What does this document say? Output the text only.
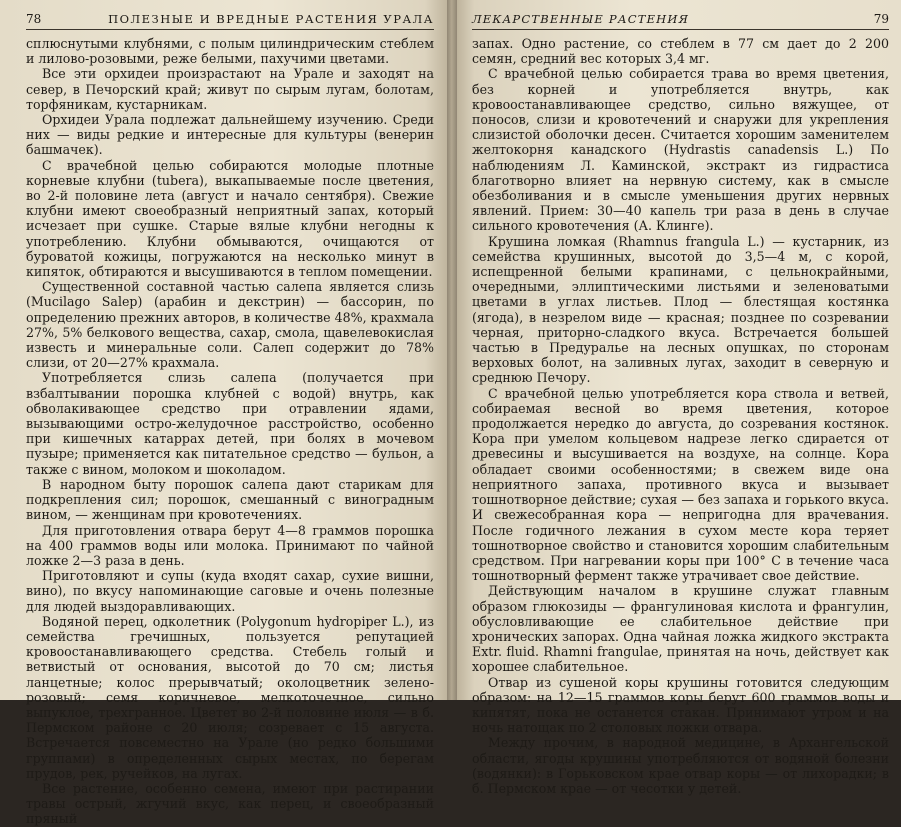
78	ПОЛЕЗНЫЕ И ВРЕДНЫЕ РАСТЕНИЯ УРАЛА

сплюснутыми клубнями, с полым цилиндрическим стеблем и лилово-розовыми, реже белыми, пахучими цветами.

Все эти орхидеи произрастают на Урале и заходят на север, в Печорский край; живут по сырым лугам, болотам, торфяникам, кустарникам.

Орхидеи Урала подлежат дальнейшему изучению. Среди них — виды редкие и интересные для культуры (венерин башмачек).

С врачебной целью собираются молодые плотные корневые клубни (tubera), выкапываемые после цветения, во 2-й половине лета (август и начало сентября). Свежие клубни имеют своеобразный неприятный запах, который исчезает при сушке. Старые вялые клубни негодны к употреблению. Клубни обмываются, очищаются от буроватой кожицы, погружаются на несколько минут в кипяток, обтираются и высушиваются в теплом помещении.

Существенной составной частью салепа является слизь (Mucilago Salep) (арабин и декстрин) — бассорин, по определению прежних авторов, в количестве 48%, крахмала 27%, 5% белкового вещества, сахар, смола, щавелевокислая известь и минеральные соли. Салеп содержит до 78% слизи, от 20—27% крахмала.

Употребляется слизь салепа (получается при взбалтывании порошка клубней с водой) внутрь, как обволакивающее средство при отравлении ядами, вызывающими остро-желудочное расстройство, особенно при кишечных катаррах детей, при болях в мочевом пузыре; применяется как питательное средство — бульон, а также с вином, молоком и шоколадом.

В народном быту порошок салепа дают старикам для подкрепления сил; порошок, смешанный с виноградным вином, — женщинам при кровотечениях.

Для приготовления отвара берут 4—8 граммов порошка на 400 граммов воды или молока. Принимают по чайной ложке 2—3 раза в день.

Приготовляют и супы (куда входят сахар, сухие вишни, вино), по вкусу напоминающие саговые и очень полезные для людей выздоравливающих.

Водяной перец, одколетник (Polygonum hydropiper L.), из семейства гречишных, пользуется репутацией кровоостанавливающего средства. Стебель голый и ветвистый от основания, высотой до 70 см; листья ланцетные; колос прерывчатый; околоцветник зелено-розовый; семя коричневое, мелкоточечное, сильно выпуклое, трехгранное. Цветет во 2-й половине июля — в б. Пермском районе с 20 июля; созревает с 15 августа. Встречается повсеместно на Урале (но редко большими группами) в определенных сырых местах, по берегам прудов, рек, ручейков, на лугах.

Все растение, особенно семена, имеют при растирании травы острый, жгучий вкус, как перец, и своеобразный пряный

ЛЕКАРСТВЕННЫЕ РАСТЕНИЯ	79

запах. Одно растение, со стеблем в 77 см дает до 2 200 семян, средний вес которых 3,4 мг.

С врачебной целью собирается трава во время цветения, без корней и употребляется внутрь, как кровоостанавливающее средство, сильно вяжущее, от поносов, слизи и кровотечений и снаружи для укрепления слизистой оболочки десен. Считается хорошим заменителем желтокорня канадского (Hydrastis canadensis L.) По наблюдениям Л. Каминской, экстракт из гидрастиса благотворно влияет на нервную систему, как в смысле обезболивания и в смысле уменьшения других нервных явлений. Прием: 30—40 капель три раза в день в случае сильного кровотечения (А. Клинге).

Крушина ломкая (Rhamnus frangula L.) — кустарник, из семейства крушинных, высотой до 3,5—4 м, с корой, испещренной белыми крапинами, с цельнокрайными, очередными, эллиптическими листьями и зеленоватыми цветами в углах листьев. Плод — блестящая костянка (ягода), в незрелом виде — красная; позднее по созревании черная, приторно-сладкого вкуса. Встречается большей частью в Предуралье на лесных опушках, по сторонам верховых болот, на заливных лугах, заходит в северную и среднюю Печору.

С врачебной целью употребляется кора ствола и ветвей, собираемая весной во время цветения, которое продолжается нередко до августа, до созревания костянок. Кора при умелом кольцевом надрезе легко сдирается от древесины и высушивается на воздухе, на солнце. Кора обладает своими особенностями; в свежем виде она неприятного запаха, противного вкуса и вызывает тошнотворное действие; сухая — без запаха и горького вкуса. И свежесобранная кора — непригодна для врачевания. После годичного лежания в сухом месте кора теряет тошнотворное свойство и становится хорошим слабительным средством. При нагревании коры при 100° С в течение часа тошнотворный фермент также утрачивает свое действие.

Действующим началом в крушине служат главным образом глюкозиды — франгулиновая кислота и франгулин, обусловливающие ее слабительное действие при хронических запорах. Одна чайная ложка жидкого экстракта Extr. fluid. Rhamni frangulae, принятая на ночь, действует как хорошее слабительное.

Отвар из сушеной коры крушины готовится следующим образом: на 12—15 граммов коры берут 600 граммов воды и кипятят, пока не останется стакан. Принимают утром и на ночь натощак по 2 столовых ложки отвара.

Между прочим, в народной медицине, в Архангельской области, ягоды крушины употребляются от водяной болезни (водянки): в Горьковском крае отвар коры — от лихорадки; в б. Пермском крае — от чесотки у детей.
